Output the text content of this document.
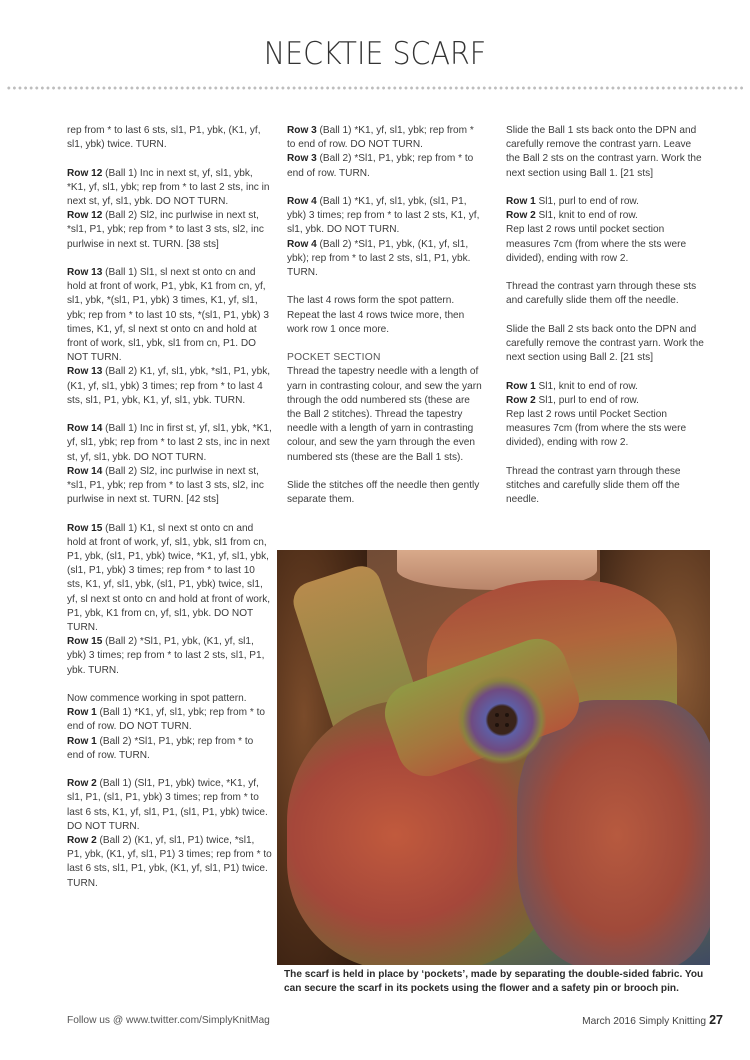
NECKTIE SCARF
rep from * to last 6 sts, sl1, P1, ybk, (K1, yf, sl1, ybk) twice. TURN.
Row 12 (Ball 1) Inc in next st, yf, sl1, ybk, *K1, yf, sl1, ybk; rep from * to last 2 sts, inc in next st, yf, sl1, ybk. DO NOT TURN.
Row 12 (Ball 2) Sl2, inc purlwise in next st, *sl1, P1, ybk; rep from * to last 3 sts, sl2, inc purlwise in next st. TURN. [38 sts]
Row 13 (Ball 1) Sl1, sl next st onto cn and hold at front of work, P1, ybk, K1 from cn, yf, sl1, ybk, *(sl1, P1, ybk) 3 times, K1, yf, sl1, ybk; rep from * to last 10 sts, *(sl1, P1, ybk) 3 times, K1, yf, sl next st onto cn and hold at front of work, sl1, ybk, sl1 from cn, P1. DO NOT TURN.
Row 13 (Ball 2) K1, yf, sl1, ybk, *sl1, P1, ybk, (K1, yf, sl1, ybk) 3 times; rep from * to last 4 sts, sl1, P1, ybk, K1, yf, sl1, ybk. TURN.
Row 14 (Ball 1) Inc in first st, yf, sl1, ybk, *K1, yf, sl1, ybk; rep from * to last 2 sts, inc in next st, yf, sl1, ybk. DO NOT TURN.
Row 14 (Ball 2) Sl2, inc purlwise in next st, *sl1, P1, ybk; rep from * to last 3 sts, sl2, inc purlwise in next st. TURN. [42 sts]
Row 15 (Ball 1) K1, sl next st onto cn and hold at front of work, yf, sl1, ybk, sl1 from cn, P1, ybk, (sl1, P1, ybk) twice, *K1, yf, sl1, ybk, (sl1, P1, ybk) 3 times; rep from * to last 10 sts, K1, yf, sl1, ybk, (sl1, P1, ybk) twice, sl1, yf, sl next st onto cn and hold at front of work, P1, ybk, K1 from cn, yf, sl1, ybk. DO NOT TURN.
Row 15 (Ball 2) *Sl1, P1, ybk, (K1, yf, sl1, ybk) 3 times; rep from * to last 2 sts, sl1, P1, ybk. TURN.
Now commence working in spot pattern.
Row 1 (Ball 1) *K1, yf, sl1, ybk; rep from * to end of row. DO NOT TURN.
Row 1 (Ball 2) *Sl1, P1, ybk; rep from * to end of row. TURN.
Row 2 (Ball 1) (Sl1, P1, ybk) twice, *K1, yf, sl1, P1, (sl1, P1, ybk) 3 times; rep from * to last 6 sts, K1, yf, sl1, P1, (sl1, P1, ybk) twice. DO NOT TURN.
Row 2 (Ball 2) (K1, yf, sl1, P1) twice, *sl1, P1, ybk, (K1, yf, sl1, P1) 3 times; rep from * to last 6 sts, sl1, P1, ybk, (K1, yf, sl1, P1) twice. TURN.
Row 3 (Ball 1) *K1, yf, sl1, ybk; rep from * to end of row. DO NOT TURN.
Row 3 (Ball 2) *Sl1, P1, ybk; rep from * to end of row. TURN.
Row 4 (Ball 1) *K1, yf, sl1, ybk, (sl1, P1, ybk) 3 times; rep from * to last 2 sts, K1, yf, sl1, ybk. DO NOT TURN.
Row 4 (Ball 2) *Sl1, P1, ybk, (K1, yf, sl1, ybk); rep from * to last 2 sts, sl1, P1, ybk. TURN.
The last 4 rows form the spot pattern. Repeat the last 4 rows twice more, then work row 1 once more.
POCKET SECTION
Thread the tapestry needle with a length of yarn in contrasting colour, and sew the yarn through the odd numbered sts (these are the Ball 2 stitches). Thread the tapestry needle with a length of yarn in contrasting colour, and sew the yarn through the even numbered sts (these are the Ball 1 sts).
Slide the stitches off the needle then gently separate them.
Slide the Ball 1 sts back onto the DPN and carefully remove the contrast yarn. Leave the Ball 2 sts on the contrast yarn. Work the next section using Ball 1. [21 sts]
Row 1 Sl1, purl to end of row.
Row 2 Sl1, knit to end of row.
Rep last 2 rows until pocket section measures 7cm (from where the sts were divided), ending with row 2.
Thread the contrast yarn through these sts and carefully slide them off the needle.
Slide the Ball 2 sts back onto the DPN and carefully remove the contrast yarn. Work the next section using Ball 2. [21 sts]
Row 1 Sl1, knit to end of row.
Row 2 Sl1, purl to end of row.
Rep last 2 rows until Pocket Section measures 7cm (from where the sts were divided), ending with row 2.
Thread the contrast yarn through these stitches and carefully slide them off the needle.
The scarf is held in place by ‘pockets’, made by separating the double-sided fabric. You can secure the scarf in its pockets using the flower and a safety pin or brooch pin.
Follow us @ www.twitter.com/SimplyKnitMag	March 2016 Simply Knitting 27
